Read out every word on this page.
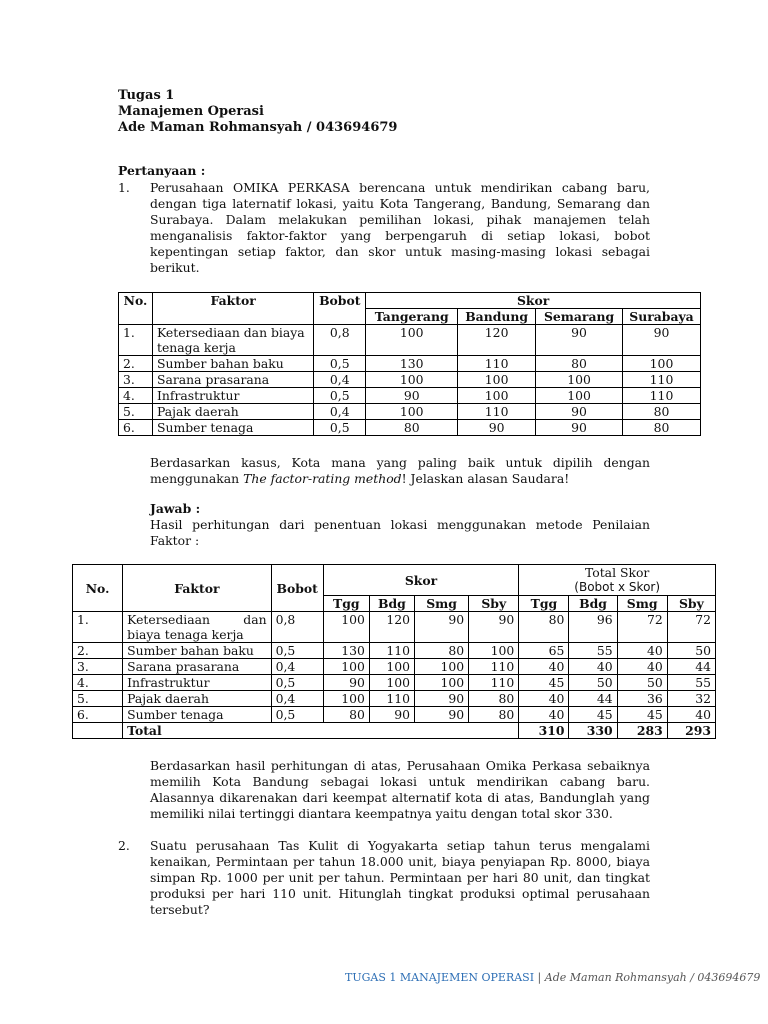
Tugas 1
Manajemen Operasi
Ade Maman Rohmansyah / 043694679
Pertanyaan :
1. Perusahaan OMIKA PERKASA berencana untuk mendirikan cabang baru, dengan tiga laternatif lokasi, yaitu Kota Tangerang, Bandung, Semarang dan Surabaya. Dalam melakukan pemilihan lokasi, pihak manajemen telah menganalisis faktor-faktor yang berpengaruh di setiap lokasi, bobot kepentingan setiap faktor, dan skor untuk masing-masing lokasi sebagai berikut.
No.	Faktor	Bobot	Skor			
			Tangerang	Bandung	Semarang	Surabaya
1.	Ketersediaan dan biaya tenaga kerja	0,8	100	120	90	90
2.	Sumber bahan baku	0,5	130	110	80	100
3.	Sarana prasarana	0,4	100	100	100	110
4.	Infrastruktur	0,5	90	100	100	110
5.	Pajak daerah	0,4	100	110	90	80
6.	Sumber tenaga	0,5	80	90	90	80
Berdasarkan kasus, Kota mana yang paling baik untuk dipilih dengan menggunakan The factor-rating method! Jelaskan alasan Saudara!
Jawab :
Hasil perhitungan dari penentuan lokasi menggunakan metode Penilaian Faktor :
No.	Faktor	Bobot	Skor				Total Skor
(Bobot x Skor)			

			Tgg	Bdg	Smg	Sby	Tgg	Bdg	Smg	Sby
1.	Ketersediaan dan
biaya tenaga kerja	0,8	100	120	90	90	80	96	72	72
2.	Sumber bahan baku	0,5	130	110	80	100	65	55	40	50
3.	Sarana prasarana	0,4	100	100	100	110	40	40	40	44
4.	Infrastruktur	0,5	90	100	100	110	45	50	50	55
5.	Pajak daerah	0,4	100	110	90	80	40	44	36	32
6.	Sumber tenaga	0,5	80	90	90	80	40	45	45	40
	Total						310	330	283	293
Berdasarkan hasil perhitungan di atas, Perusahaan Omika Perkasa sebaiknya memilih Kota Bandung sebagai lokasi untuk mendirikan cabang baru. Alasannya dikarenakan dari keempat alternatif kota di atas, Bandunglah yang memiliki nilai tertinggi diantara keempatnya yaitu dengan total skor 330.
2. Suatu perusahaan Tas Kulit di Yogyakarta setiap tahun terus mengalami kenaikan, Permintaan per tahun 18.000 unit, biaya penyiapan Rp. 8000, biaya simpan Rp. 1000 per unit per tahun. Permintaan per hari 80 unit, dan tingkat produksi per hari 110 unit. Hitunglah tingkat produksi optimal perusahaan tersebut?
TUGAS 1 MANAJEMEN OPERASI | Ade Maman Rohmansyah / 043694679
